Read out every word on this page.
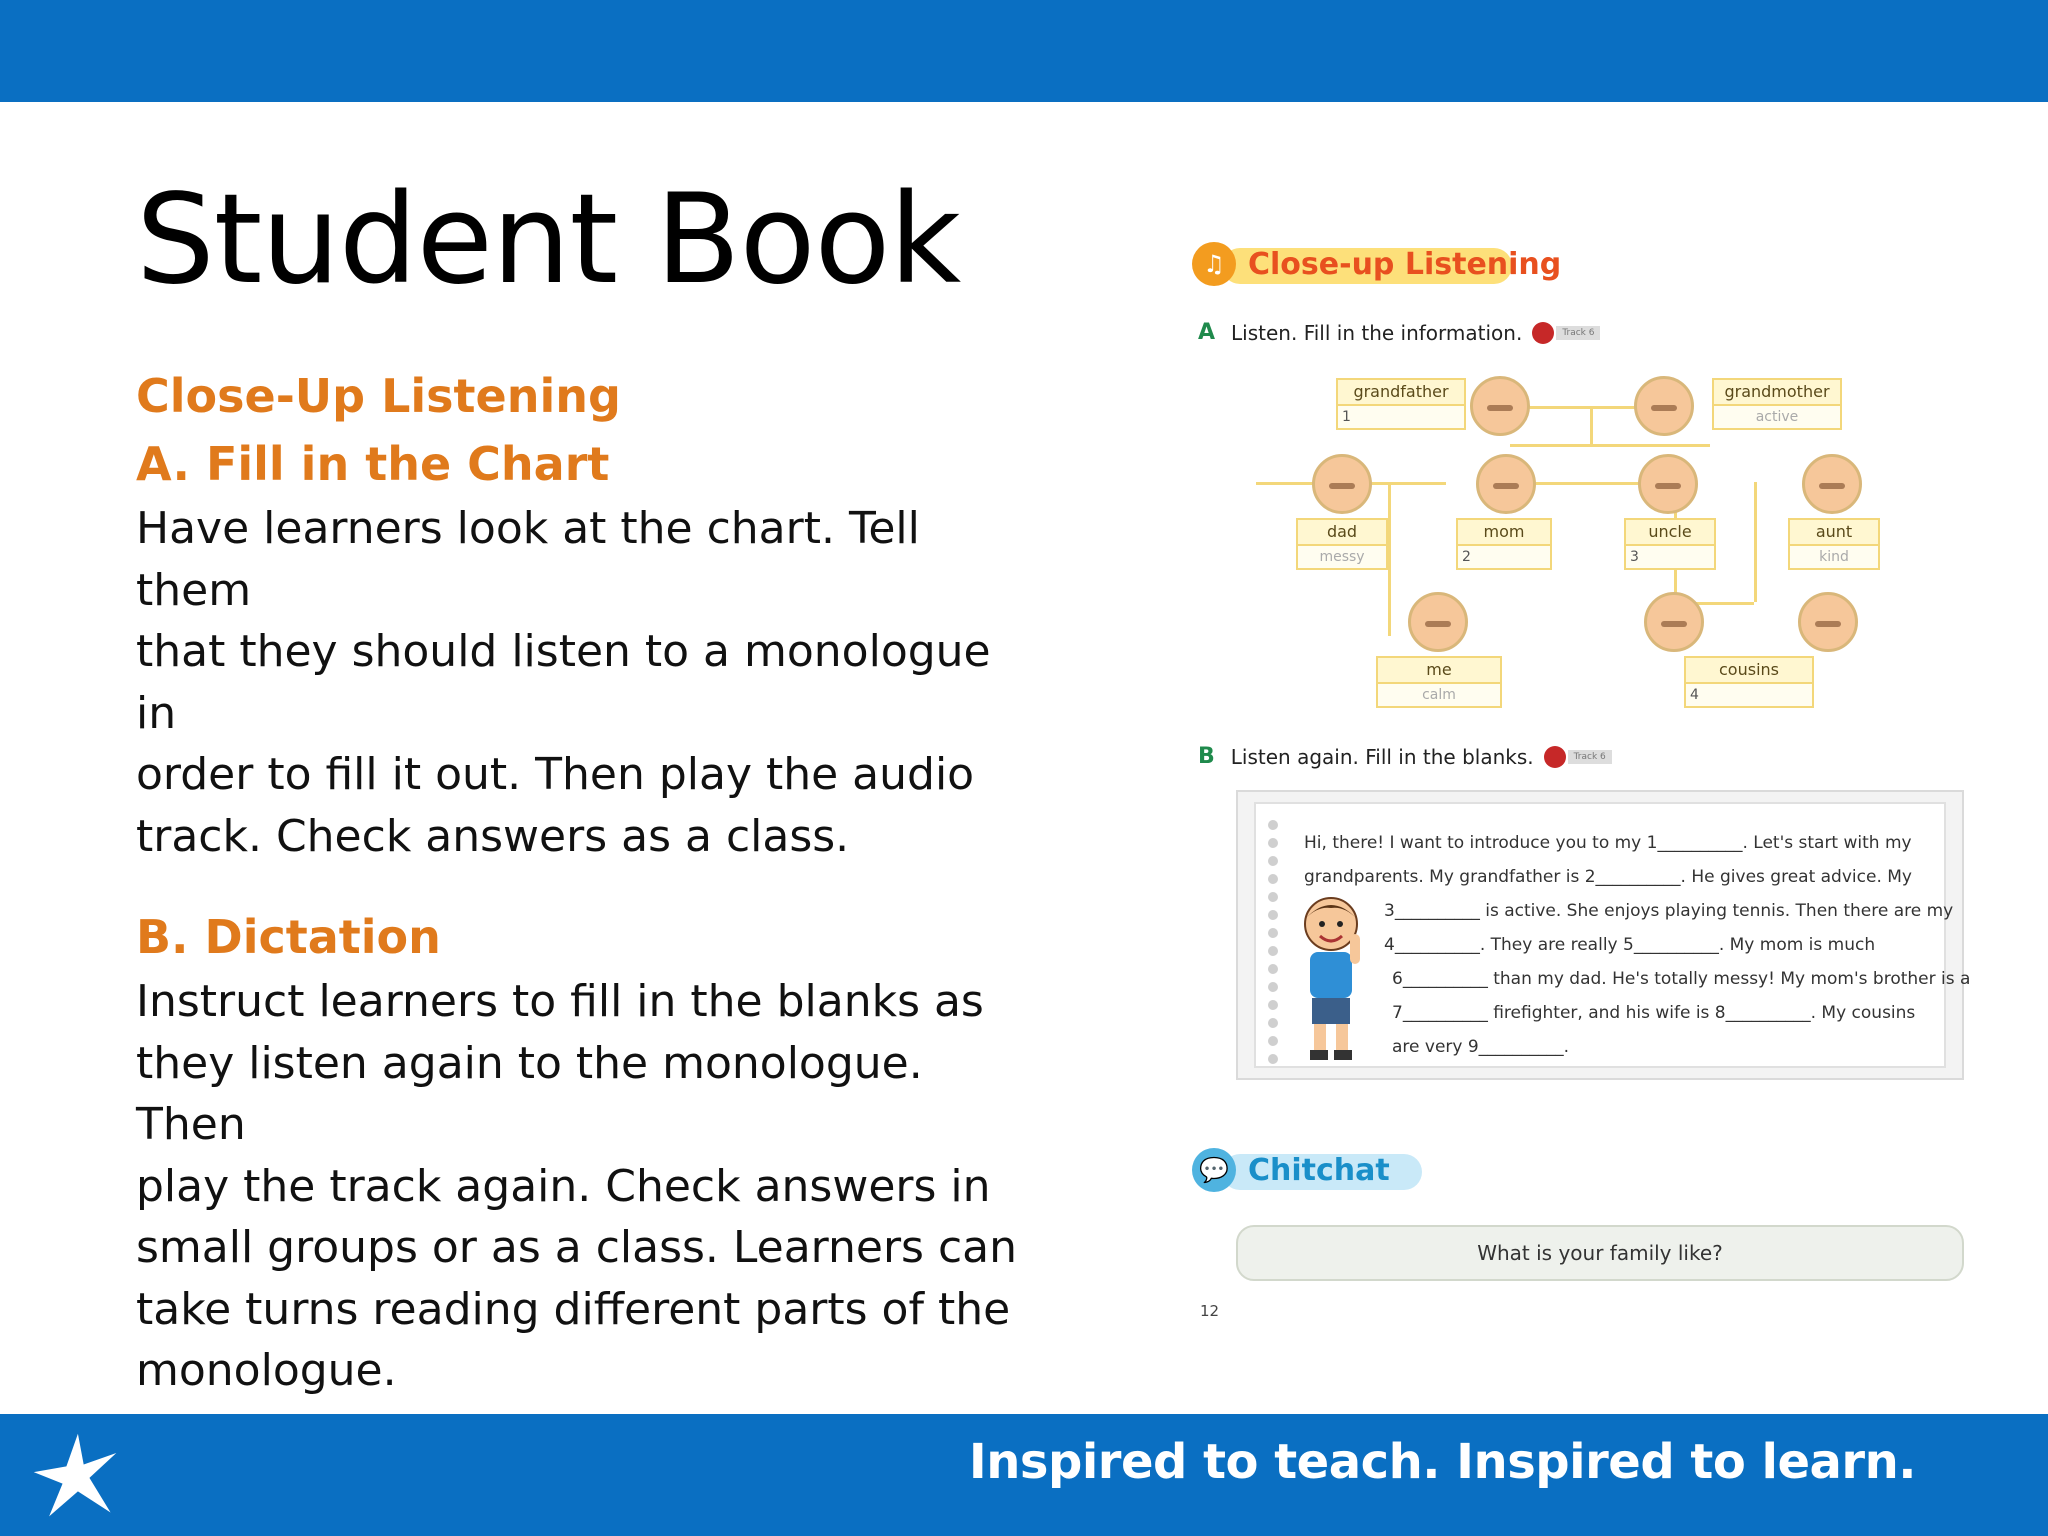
Student Book
Close-Up Listening
A. Fill in the Chart
Have learners look at the chart. Tell them
that they should listen to a monologue in
order to fill it out. Then play the audio
track. Check answers as a class.
B. Dictation
Instruct learners to fill in the blanks as
they listen again to the monologue. Then
play the track again. Check answers in
small groups or as a class. Learners can
take turns reading different parts of the
monologue.
♫ Close-up Listening
A Listen. Fill in the information.	Track 6
grandfather
1
grandmother
active
dad
messy
mom
2
uncle
3
aunt
kind
me
calm
cousins
4
B Listen again. Fill in the blanks.	Track 6
Hi, there! I want to introduce you to my 1__________. Let's start with my
grandparents. My grandfather is 2__________. He gives great advice. My
3__________ is active. She enjoys playing tennis. Then there are my
4__________. They are really 5__________. My mom is much
6__________ than my dad. He's totally messy! My mom's brother is a
7__________ firefighter, and his wife is 8__________. My cousins
are very 9__________.
💬 Chitchat
What is your family like?
12
Inspired to teach. Inspired to learn.
